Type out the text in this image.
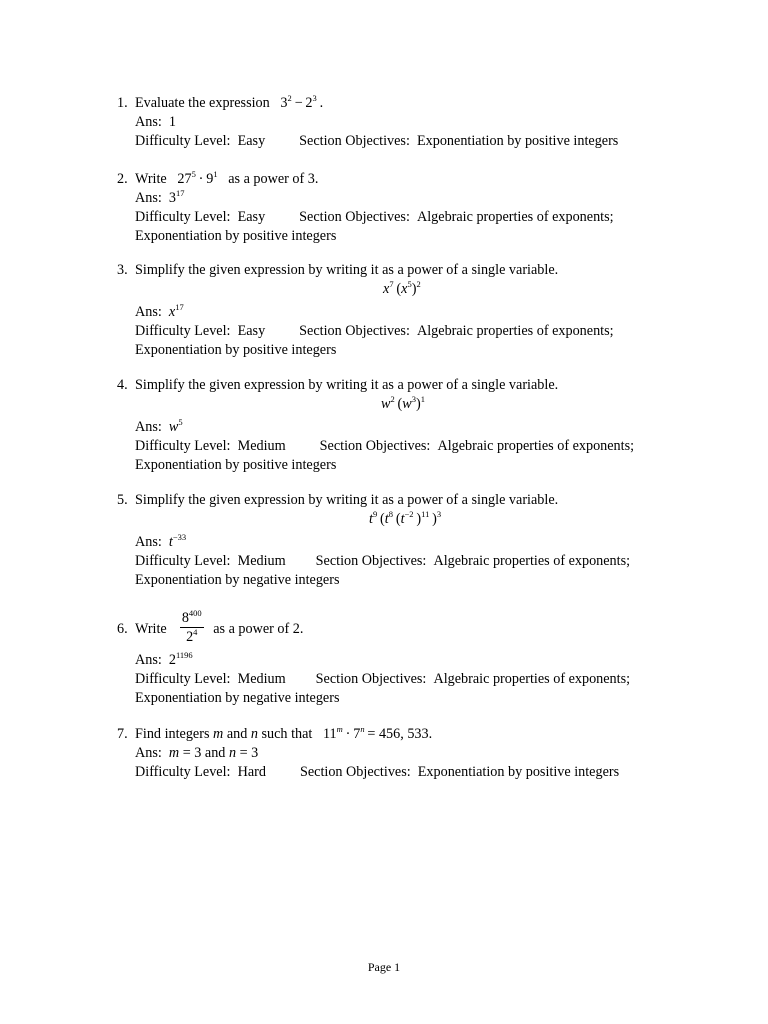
1. Evaluate the expression $3^2 - 2^3$  .
Ans: 1
Difficulty Level: Easy Section Objectives: Exponentiation by positive integers
2. Write $27^5 \cdot 9^1$ as a power of 3.
Ans: $3^{17}$
Difficulty Level: Easy Section Objectives: Algebraic properties of exponents;
Exponentiation by positive integers
3. Simplify the given expression by writing it as a power of a single variable.
$x^7$ $(x^5)^2$
Ans: $x^{17}$
Difficulty Level: Easy Section Objectives: Algebraic properties of exponents;
Exponentiation by positive integers
4. Simplify the given expression by writing it as a power of a single variable.
$w^2$ $(w^3)^1$
Ans: $w^5$
Difficulty Level: Medium Section Objectives: Algebraic properties of exponents;
Exponentiation by positive integers
5. Simplify the given expression by writing it as a power of a single variable.
$t^9$ ($t^8$ ($t^{-2}$ )$^{11}$ )$^3$
Ans: $t^{-33}$
Difficulty Level: Medium Section Objectives: Algebraic properties of exponents;
Exponentiation by negative integers
6. Write $\frac{8^{400}}{2^4}$ as a power of 2.
Ans: $2^{1196}$
Difficulty Level: Medium Section Objectives: Algebraic properties of exponents;
Exponentiation by negative integers
7. Find integers m and n such that 11$^m$  ·  7$^n$  = 456, 533.
Ans: m = 3 and n = 3
Difficulty Level: Hard Section Objectives: Exponentiation by positive integers
Page 1
